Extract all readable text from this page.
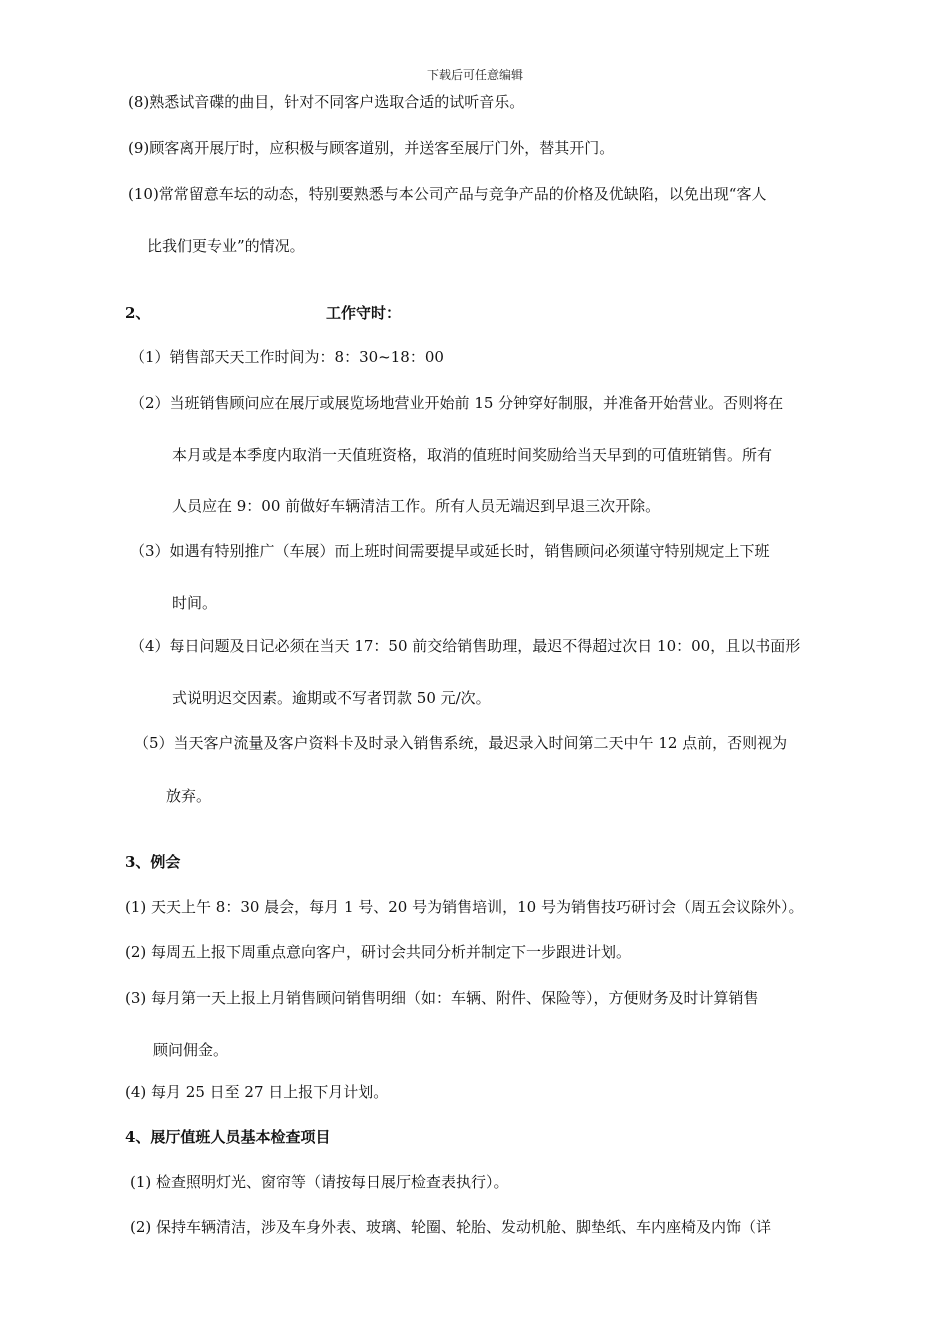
下载后可任意编辑
(8)熟悉试音碟的曲目，针对不同客户选取合适的试听音乐。
(9)顾客离开展厅时，应积极与顾客道别，并送客至展厅门外，替其开门。
(10)常常留意车坛的动态，特别要熟悉与本公司产品与竞争产品的价格及优缺陷，以免出现“客人
比我们更专业”的情况。
2、	工作守时：
（1）销售部天天工作时间为：8：30~18：00
（2）当班销售顾问应在展厅或展览场地营业开始前 15 分钟穿好制服，并准备开始营业。否则将在
本月或是本季度内取消一天值班资格，取消的值班时间奖励给当天早到的可值班销售。所有
人员应在 9：00 前做好车辆清洁工作。所有人员无端迟到早退三次开除。
（3）如遇有特别推广（车展）而上班时间需要提早或延长时，销售顾问必须谨守特别规定上下班
时间。
（4）每日问题及日记必须在当天 17：50 前交给销售助理，最迟不得超过次日 10：00，且以书面形
式说明迟交因素。逾期或不写者罚款 50 元/次。
（5）当天客户流量及客户资料卡及时录入销售系统，最迟录入时间第二天中午 12 点前，否则视为
放弃。
3、例会
(1) 天天上午 8：30 晨会，每月 1 号、20 号为销售培训，10 号为销售技巧研讨会（周五会议除外）。
(2) 每周五上报下周重点意向客户，研讨会共同分析并制定下一步跟进计划。
(3) 每月第一天上报上月销售顾问销售明细（如：车辆、附件、保险等），方便财务及时计算销售
顾问佣金。
(4) 每月 25 日至 27 日上报下月计划。
4、展厅值班人员基本检查项目
(1) 检查照明灯光、窗帘等（请按每日展厅检查表执行）。
(2) 保持车辆清洁，涉及车身外表、玻璃、轮圈、轮胎、发动机舱、脚垫纸、车内座椅及内饰（详
